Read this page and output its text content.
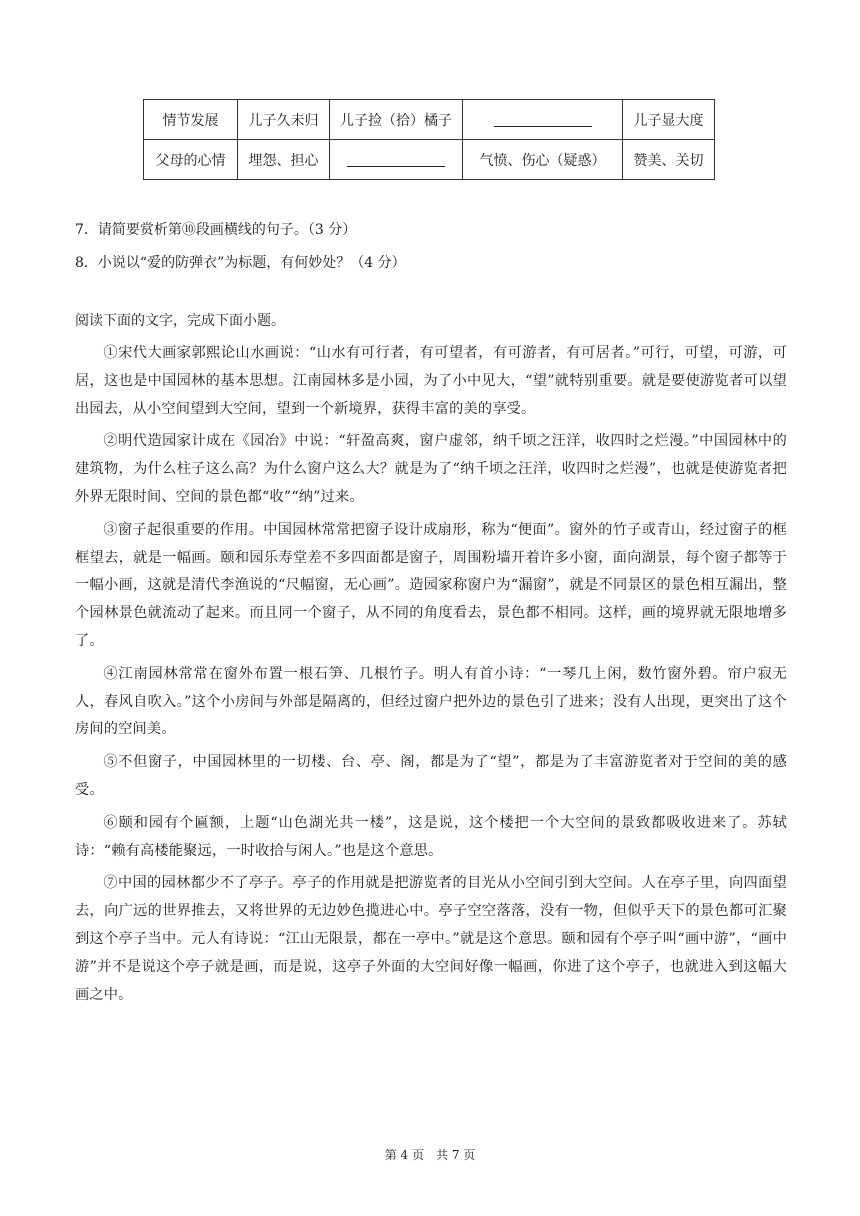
情节发展	儿子久未归	儿子捡（拾）橘子		儿子显大度
父母的心情	埋怨、担心		气愤、伤心（疑惑）	赞美、关切
7．请简要赏析第⑩段画横线的句子。（3 分）
8．小说以“爱的防弹衣”为标题，有何妙处？（4 分）
阅读下面的文字，完成下面小题。

①宋代大画家郭熙论山水画说：“山水有可行者，有可望者，有可游者，有可居者。”可行，可望，可游，可居，这也是中国园林的基本思想。江南园林多是小园，为了小中见大，“望”就特别重要。就是要使游览者可以望出园去，从小空间望到大空间，望到一个新境界，获得丰富的美的享受。

②明代造园家计成在《园冶》中说：“轩盈高爽，窗户虚邻，纳千顷之汪洋，收四时之烂漫。”中国园林中的建筑物，为什么柱子这么高？为什么窗户这么大？就是为了“纳千顷之汪洋，收四时之烂漫”，也就是使游览者把外界无限时间、空间的景色都“收”“纳”过来。

③窗子起很重要的作用。中国园林常常把窗子设计成扇形，称为“便面”。窗外的竹子或青山，经过窗子的框框望去，就是一幅画。颐和园乐寿堂差不多四面都是窗子，周围粉墙开着许多小窗，面向湖景，每个窗子都等于一幅小画，这就是清代李渔说的“尺幅窗，无心画”。造园家称窗户为“漏窗”，就是不同景区的景色相互漏出，整个园林景色就流动了起来。而且同一个窗子，从不同的角度看去，景色都不相同。这样，画的境界就无限地增多了。

④江南园林常常在窗外布置一根石笋、几根竹子。明人有首小诗：“一琴几上闲，数竹窗外碧。帘户寂无人，春风自吹入。”这个小房间与外部是隔离的，但经过窗户把外边的景色引了进来；没有人出现，更突出了这个房间的空间美。

⑤不但窗子，中国园林里的一切楼、台、亭、阁，都是为了“望”，都是为了丰富游览者对于空间的美的感受。

⑥颐和园有个匾额，上题“山色湖光共一楼”，这是说，这个楼把一个大空间的景致都吸收进来了。苏轼诗：“赖有高楼能聚远，一时收拾与闲人。”也是这个意思。

⑦中国的园林都少不了亭子。亭子的作用就是把游览者的目光从小空间引到大空间。人在亭子里，向四面望去，向广远的世界推去，又将世界的无边妙色揽进心中。亭子空空落落，没有一物，但似乎天下的景色都可汇聚到这个亭子当中。元人有诗说：“江山无限景，都在一亭中。”就是这个意思。颐和园有个亭子叫“画中游”，“画中游”并不是说这个亭子就是画，而是说，这亭子外面的大空间好像一幅画，你进了这个亭子，也就进入到这幅大画之中。

第 4 页　共 7 页
